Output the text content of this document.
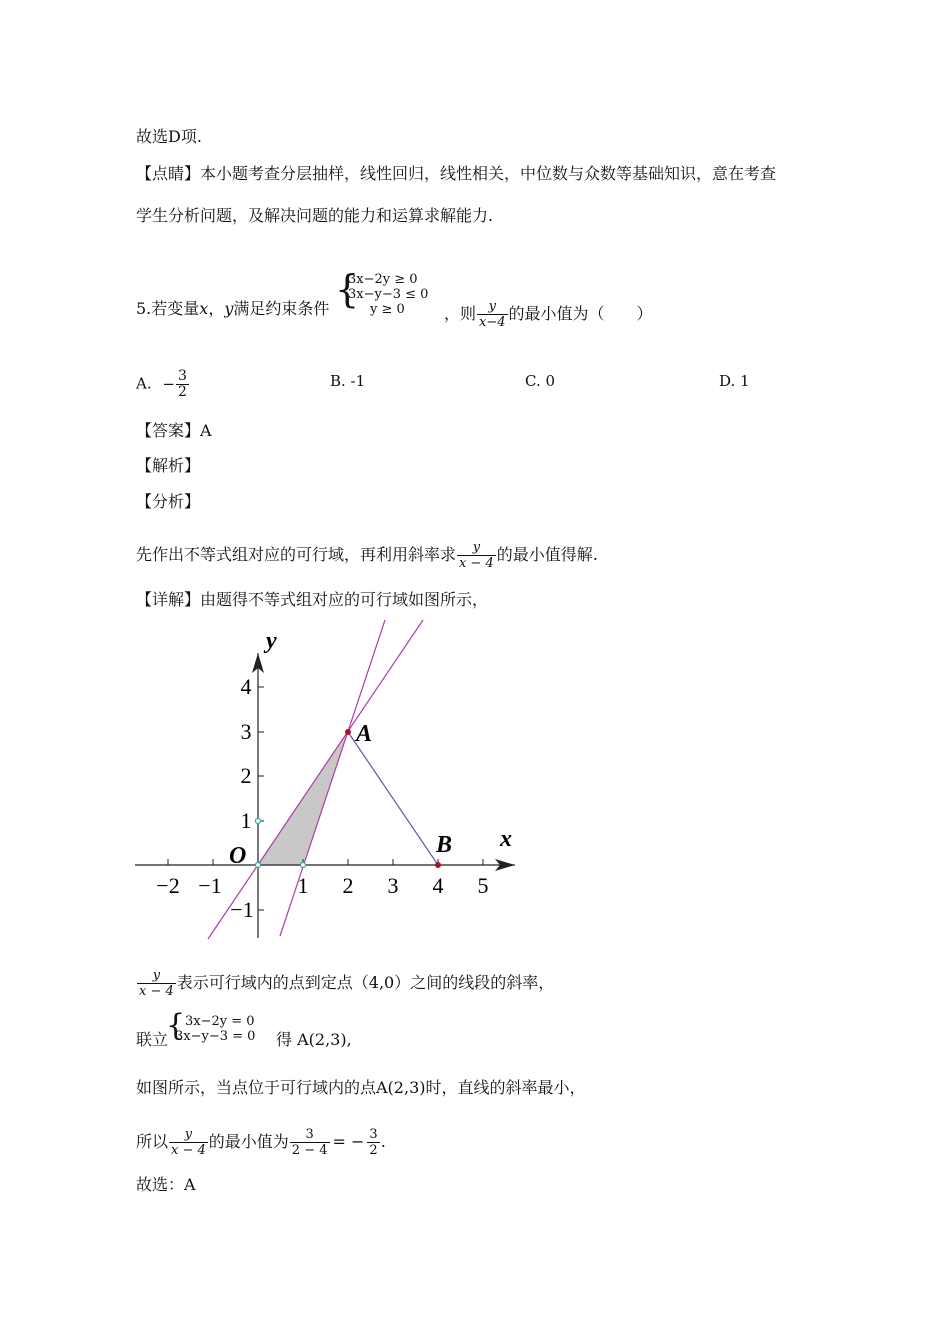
故选D项.
【点睛】本小题考查分层抽样，线性回归，线性相关，中位数与众数等基础知识，意在考查
学生分析问题，及解决问题的能力和运算求解能力.
5.若变量x，y满足约束条件 {
3x−2y ≥ 0
3x−y−3 ≤ 0
y ≥ 0	，则 $\frac{y}{x-4}$ 的最小值为（　　）
A. − $\frac{3}{2}$	B. -1	C. 0	D. 1
【答案】A
【解析】
【分析】
先作出不等式组对应的可行域，再利用斜率求 $\frac{y}{x - 4}$ 的最小值得解.
【详解】由题得不等式组对应的可行域如图所示，
−2 −1	1 2 3 4 5
4
3
2
1
−1
x
y
O
A
B
$\frac{y}{x - 4}$ 表示可行域内的点到定点（4,0）之间的线段的斜率，
联立
{ 3x−2y = 0
3x−y−3 = 0 得 A(2,3),
如图所示，当点位于可行域内的点A(2,3)时，直线的斜率最小，
所以 $\frac{y}{x - 4}$ 的最小值为 $\frac{3}{2 - 4}$ = − $\frac{3}{2}$ .
故选：A
